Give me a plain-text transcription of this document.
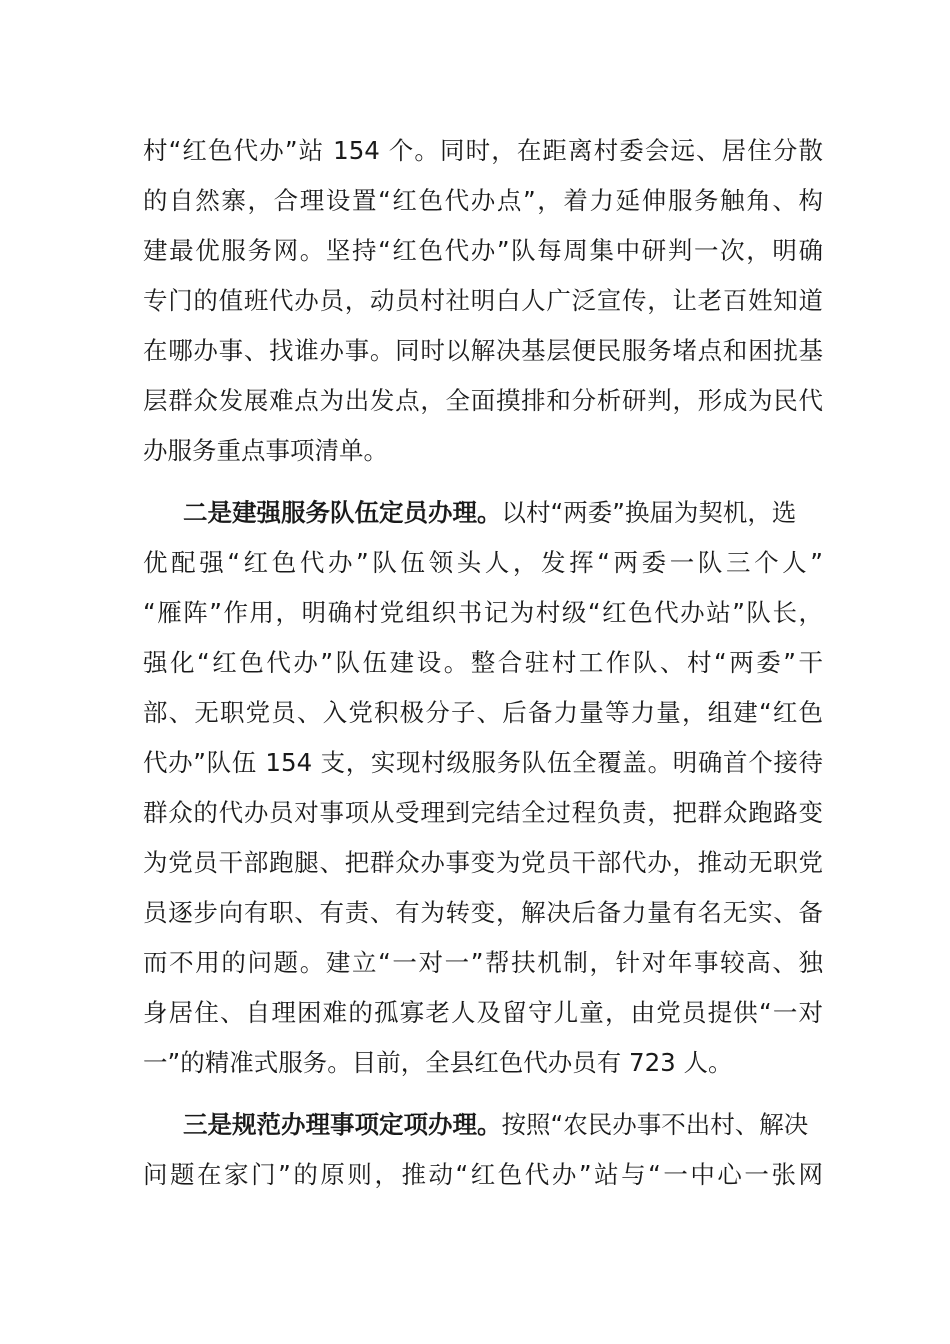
村“红色代办”站 154 个。同时，在距离村委会远、居住分散
的自然寨，合理设置“红色代办点”，着力延伸服务触角、构
建最优服务网。坚持“红色代办”队每周集中研判一次，明确
专门的值班代办员，动员村社明白人广泛宣传，让老百姓知道
在哪办事、找谁办事。同时以解决基层便民服务堵点和困扰基
层群众发展难点为出发点，全面摸排和分析研判，形成为民代
办服务重点事项清单。
二是建强服务队伍定员办理。以村“两委”换届为契机，选
优配强“红色代办”队伍领头人，发挥“两委一队三个人”
“雁阵”作用，明确村党组织书记为村级“红色代办站”队长，
强化“红色代办”队伍建设。整合驻村工作队、村“两委”干
部、无职党员、入党积极分子、后备力量等力量，组建“红色
代办”队伍 154 支，实现村级服务队伍全覆盖。明确首个接待
群众的代办员对事项从受理到完结全过程负责，把群众跑路变
为党员干部跑腿、把群众办事变为党员干部代办，推动无职党
员逐步向有职、有责、有为转变，解决后备力量有名无实、备
而不用的问题。建立“一对一”帮扶机制，针对年事较高、独
身居住、自理困难的孤寡老人及留守儿童，由党员提供“一对
一”的精准式服务。目前，全县红色代办员有 723 人。
三是规范办理事项定项办理。按照“农民办事不出村、解决
问题在家门”的原则，推动“红色代办”站与“一中心一张网
